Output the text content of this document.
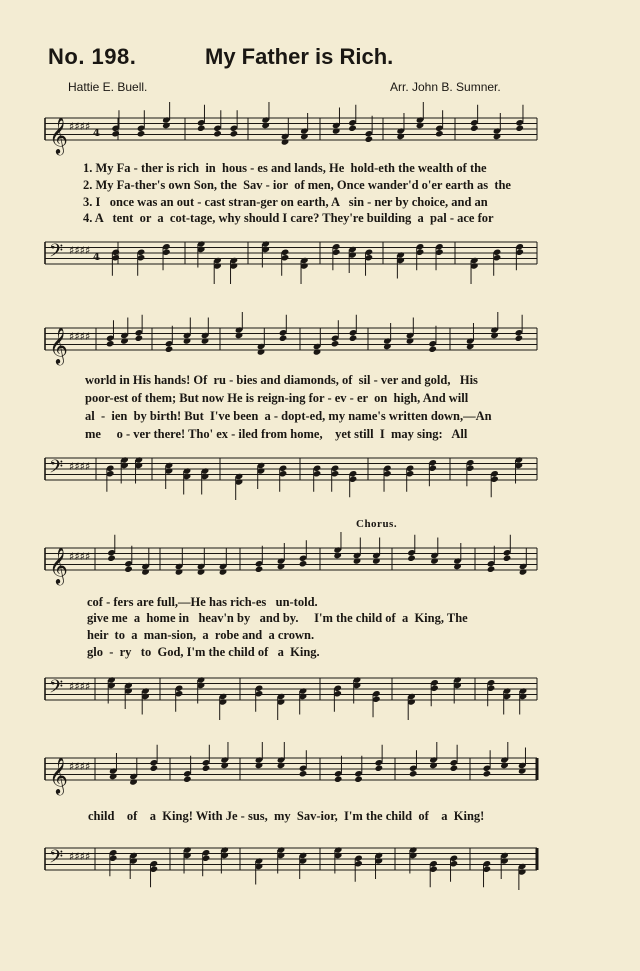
No. 198.	My Father is Rich.
Hattie E. Buell.	Arr. John B. Sumner.
Chorus.
𝄞 ♯♯♯♯
4
1. My Fa - ther is rich  in  hous - es and lands, He  hold-eth the wealth of the
2. My Fa-ther's own Son, the  Sav - ior  of men, Once wander'd o'er earth as  the
3. I   once was an out - cast stran-ger on earth, A   sin - ner by choice, and an
4. A   tent  or  a  cot-tage, why should I care? They're building  a  pal - ace for
𝄢 ♯♯♯♯
4
𝄞 ♯♯♯♯
world in His hands! Of  ru - bies and diamonds, of  sil - ver and gold,   His
poor-est of them; But now He is reign-ing for - ev - er  on  high, And will
al  -  ien  by birth! But  I've been  a - dopt-ed, my name's written down,—An
me     o - ver there! Tho' ex - iled from home,    yet still  I  may sing:   All
𝄢 ♯♯♯♯
𝄞 ♯♯♯♯
cof - fers are full,—He has rich-es   un-told.
give me  a  home in   heav'n by   and by.     I'm the child of  a  King, The
heir  to  a  man-sion,  a  robe and  a crown.
glo  -  ry   to  God, I'm the child of   a  King.
𝄢 ♯♯♯♯
𝄞 ♯♯♯♯
child    of    a  King! With Je - sus,  my  Sav-ior,  I'm the child  of    a  King!
𝄢 ♯♯♯♯
